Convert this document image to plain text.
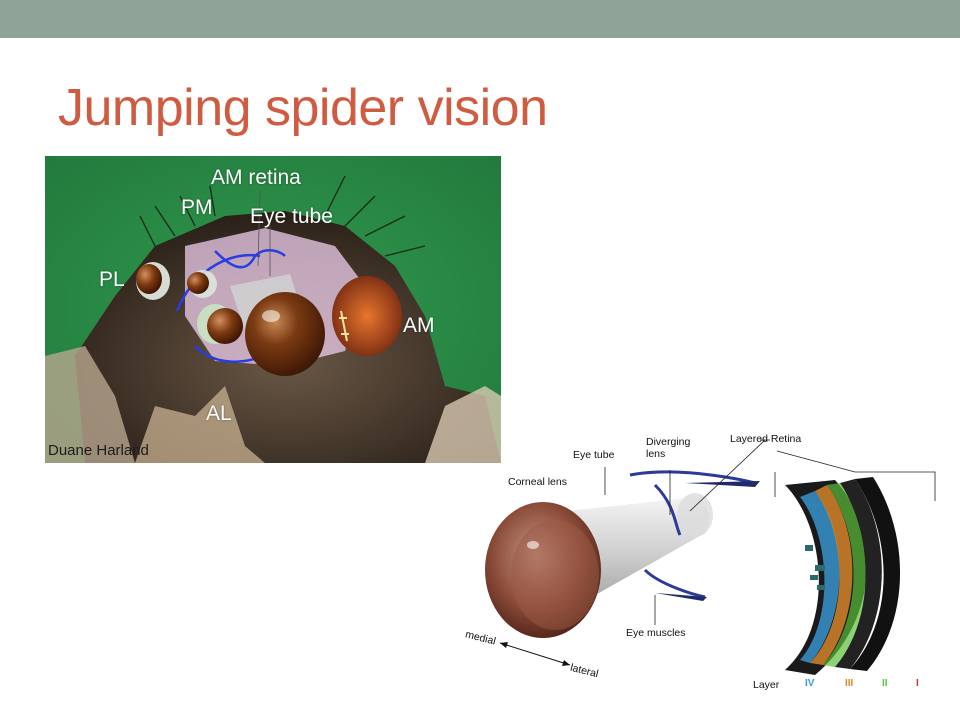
Jumping spider vision
AM retina
PM Eye tube
PL
AM
AL
Duane Harland	Eye tube
Diverging
lens
Layered Retina
Corneal lens
Eye muscles
medial
lateral
Layer	IV	III	II	I
